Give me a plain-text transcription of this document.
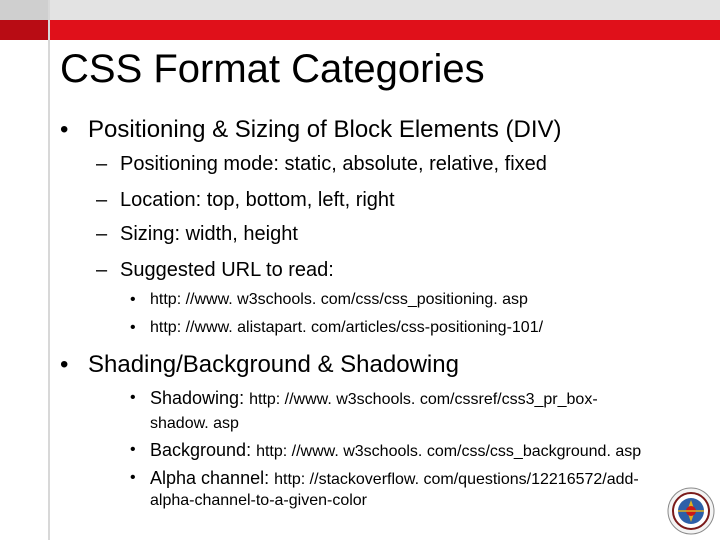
CSS Format Categories
• Positioning & Sizing of Block Elements (DIV)
– Positioning mode: static, absolute, relative, fixed
– Location: top, bottom, left, right
– Sizing: width, height
– Suggested URL to read:
• http: //www. w3schools. com/css/css_positioning. asp
• http: //www. alistapart. com/articles/css-positioning-101/
• Shading/Background & Shadowing
• Shadowing: http: //www. w3schools. com/cssref/css3_pr_box-
shadow. asp
• Background: http: //www. w3schools. com/css/css_background. asp
• Alpha channel: http: //stackoverflow. com/questions/12216572/add-
alpha-channel-to-a-given-color
